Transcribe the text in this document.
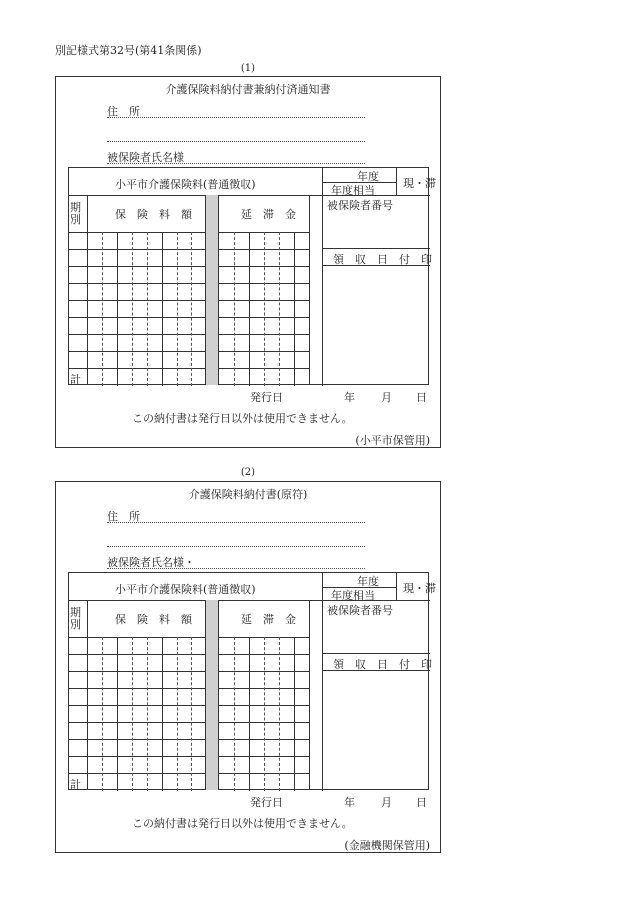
別記様式第32号(第41条関係)
(1)
(2)
介護保険料納付書兼納付済通知書
住　所
被保険者氏名様
小平市介護保険料(普通徴収)
年度
年度相当
現・滞
期別	保　険　料　額	延　滞　金
被保険者番号
領　収　日　付　印
計
発行日	年 月 日
この納付書は発行日以外は使用できません。
(小平市保管用)
介護保険料納付書(原符)
住　所
被保険者氏名様・
小平市介護保険料(普通徴収)
年度
年度相当
現・滞
期別	保　険　料　額	延　滞　金
被保険者番号
領　収　日　付　印
計
発行日	年 月 日
この納付書は発行日以外は使用できません。
(金融機関保管用)
